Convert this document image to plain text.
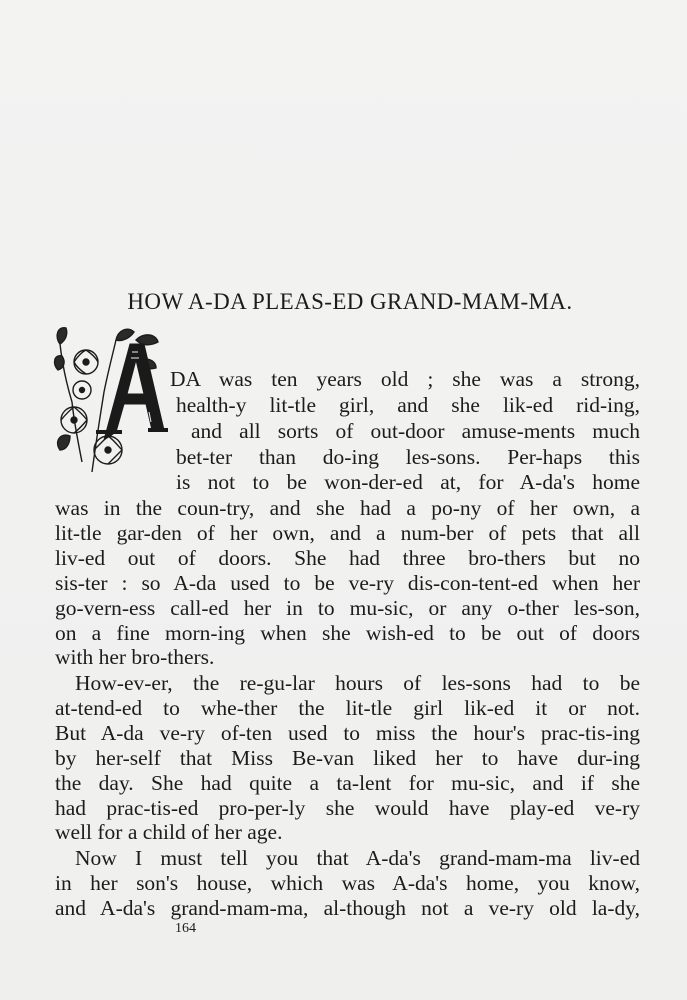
HOW A-DA PLEAS-ED GRAND-MAM-MA.

DA was ten years old ; she was a strong,

health-y lit-tle girl, and she lik-ed rid-ing,

and all sorts of out-door amuse-ments much

bet-ter than do-ing les-sons. Per-haps this

is not to be won-der-ed at, for A-da's home

was in the coun-try, and she had a po-ny of her own, a

lit-tle gar-den of her own, and a num-ber of pets that all

liv-ed out of doors. She had three bro-thers but no

sis-ter : so A-da used to be ve-ry dis-con-tent-ed when her

go-vern-ess call-ed her in to mu-sic, or any o-ther les-son,

on a fine morn-ing when she wish-ed to be out of doors

with her bro-thers.

How-ev-er, the re-gu-lar hours of les-sons had to be

at-tend-ed to whe-ther the lit-tle girl lik-ed it or not.

But A-da ve-ry of-ten used to miss the hour's prac-tis-ing

by her-self that Miss Be-van liked her to have dur-ing

the day. She had quite a ta-lent for mu-sic, and if she

had prac-tis-ed pro-per-ly she would have play-ed ve-ry

well for a child of her age.

Now I must tell you that A-da's grand-mam-ma liv-ed

in her son's house, which was A-da's home, you know,

and A-da's grand-mam-ma, al-though not a ve-ry old la-dy,

164
